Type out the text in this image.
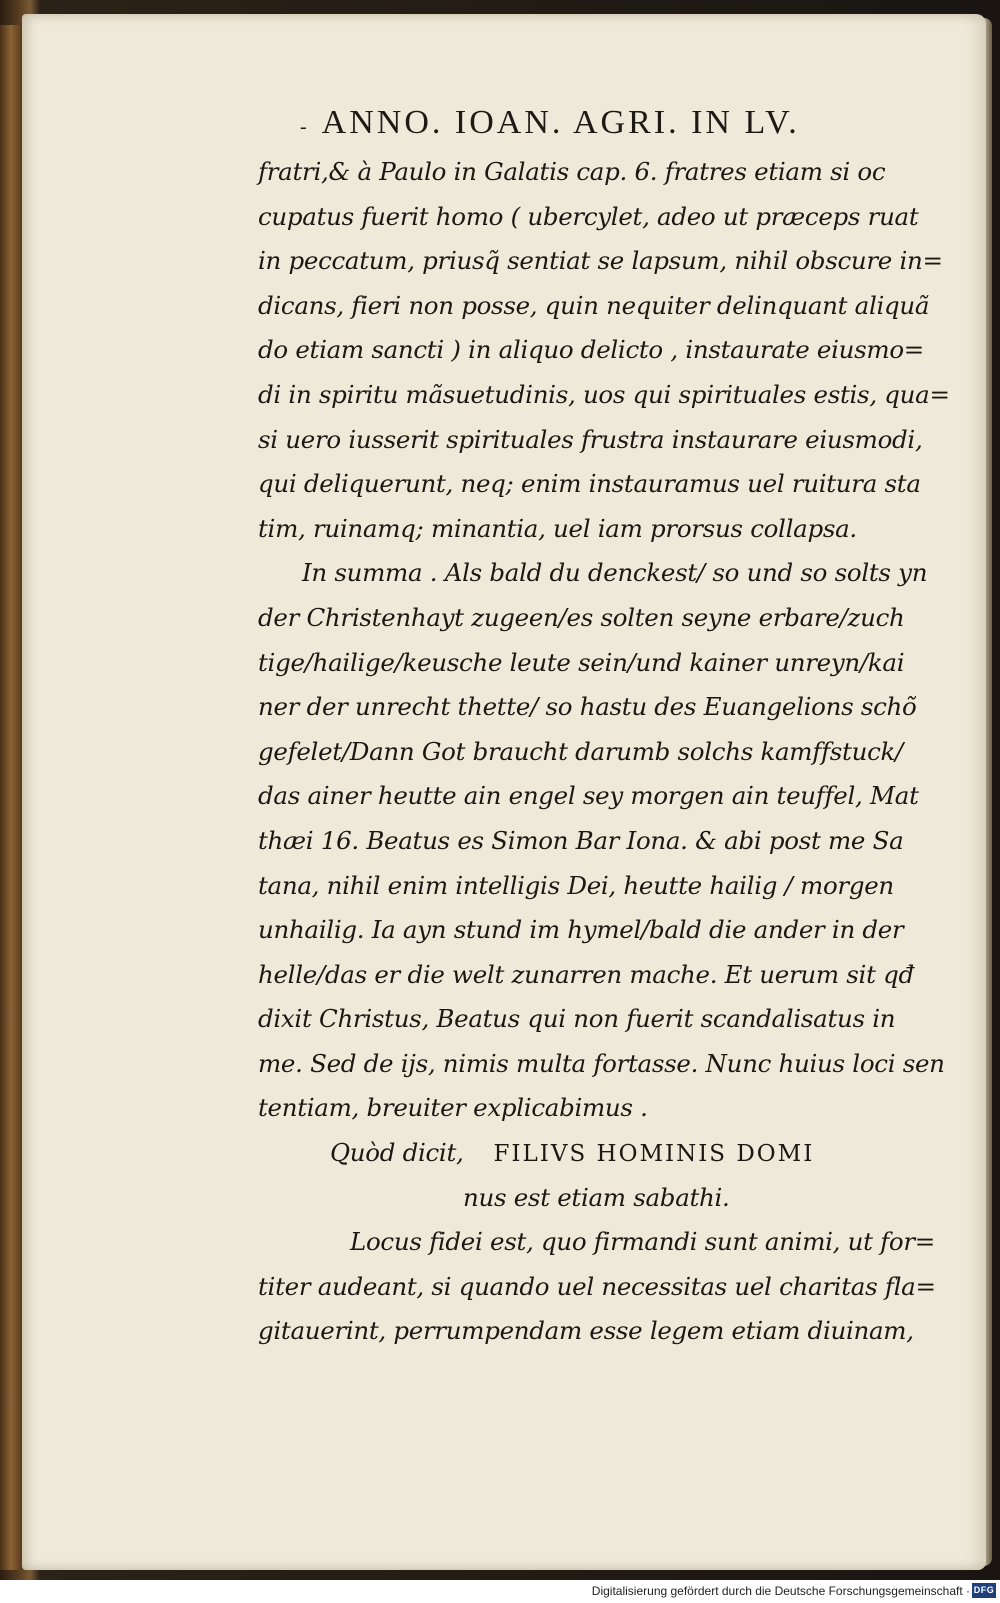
- ANNO. IOAN. AGRI. IN LV.
fratri,& à Paulo in Galatis cap. 6. fratres etiam si oc
cupatus fuerit homo ( ubercylet, adeo ut præceps ruat
in peccatum, priusq̃ sentiat se lapsum, nihil obscure in=
dicans, fieri non posse, quin nequiter delinquant aliquã
do etiam sancti ) in aliquo delicto , instaurate eiusmo=
di in spiritu mãsuetudinis, uos qui spirituales estis, qua=
si uero iusserit spirituales frustra instaurare eiusmodi,
qui deliquerunt, neq; enim instauramus uel ruitura sta
tim, ruinamq; minantia, uel iam prorsus collapsa.
In summa . Als bald du denckest/ so und so solts yn
der Christenhayt zugeen/es solten seyne erbare/zuch
tige/hailige/keusche leute sein/und kainer unreyn/kai
ner der unrecht thette/ so hastu des Euangelions schõ
gefelet/Dann Got braucht darumb solchs kamffstuck/
das ainer heutte ain engel sey morgen ain teuffel, Mat
thæi 16. Beatus es Simon Bar Iona. & abi post me Sa
tana, nihil enim intelligis Dei, heutte hailig / morgen
unhailig. Ia ayn stund im hymel/bald die ander in der
helle/das er die welt zunarren mache. Et uerum sit qđ
dixit Christus, Beatus qui non fuerit scandalisatus in
me. Sed de ijs, nimis multa fortasse. Nunc huius loci sen
tentiam, breuiter explicabimus .
Quòd dicit, FILIVS HOMINIS DOMI
nus est etiam sabathi.
Locus fidei est, quo firmandi sunt animi, ut for=
titer audeant, si quando uel necessitas uel charitas fla=
gitauerint, perrumpendam esse legem etiam diuinam,
Digitalisierung gefördert durch die Deutsche Forschungsgemeinschaft · DFG
